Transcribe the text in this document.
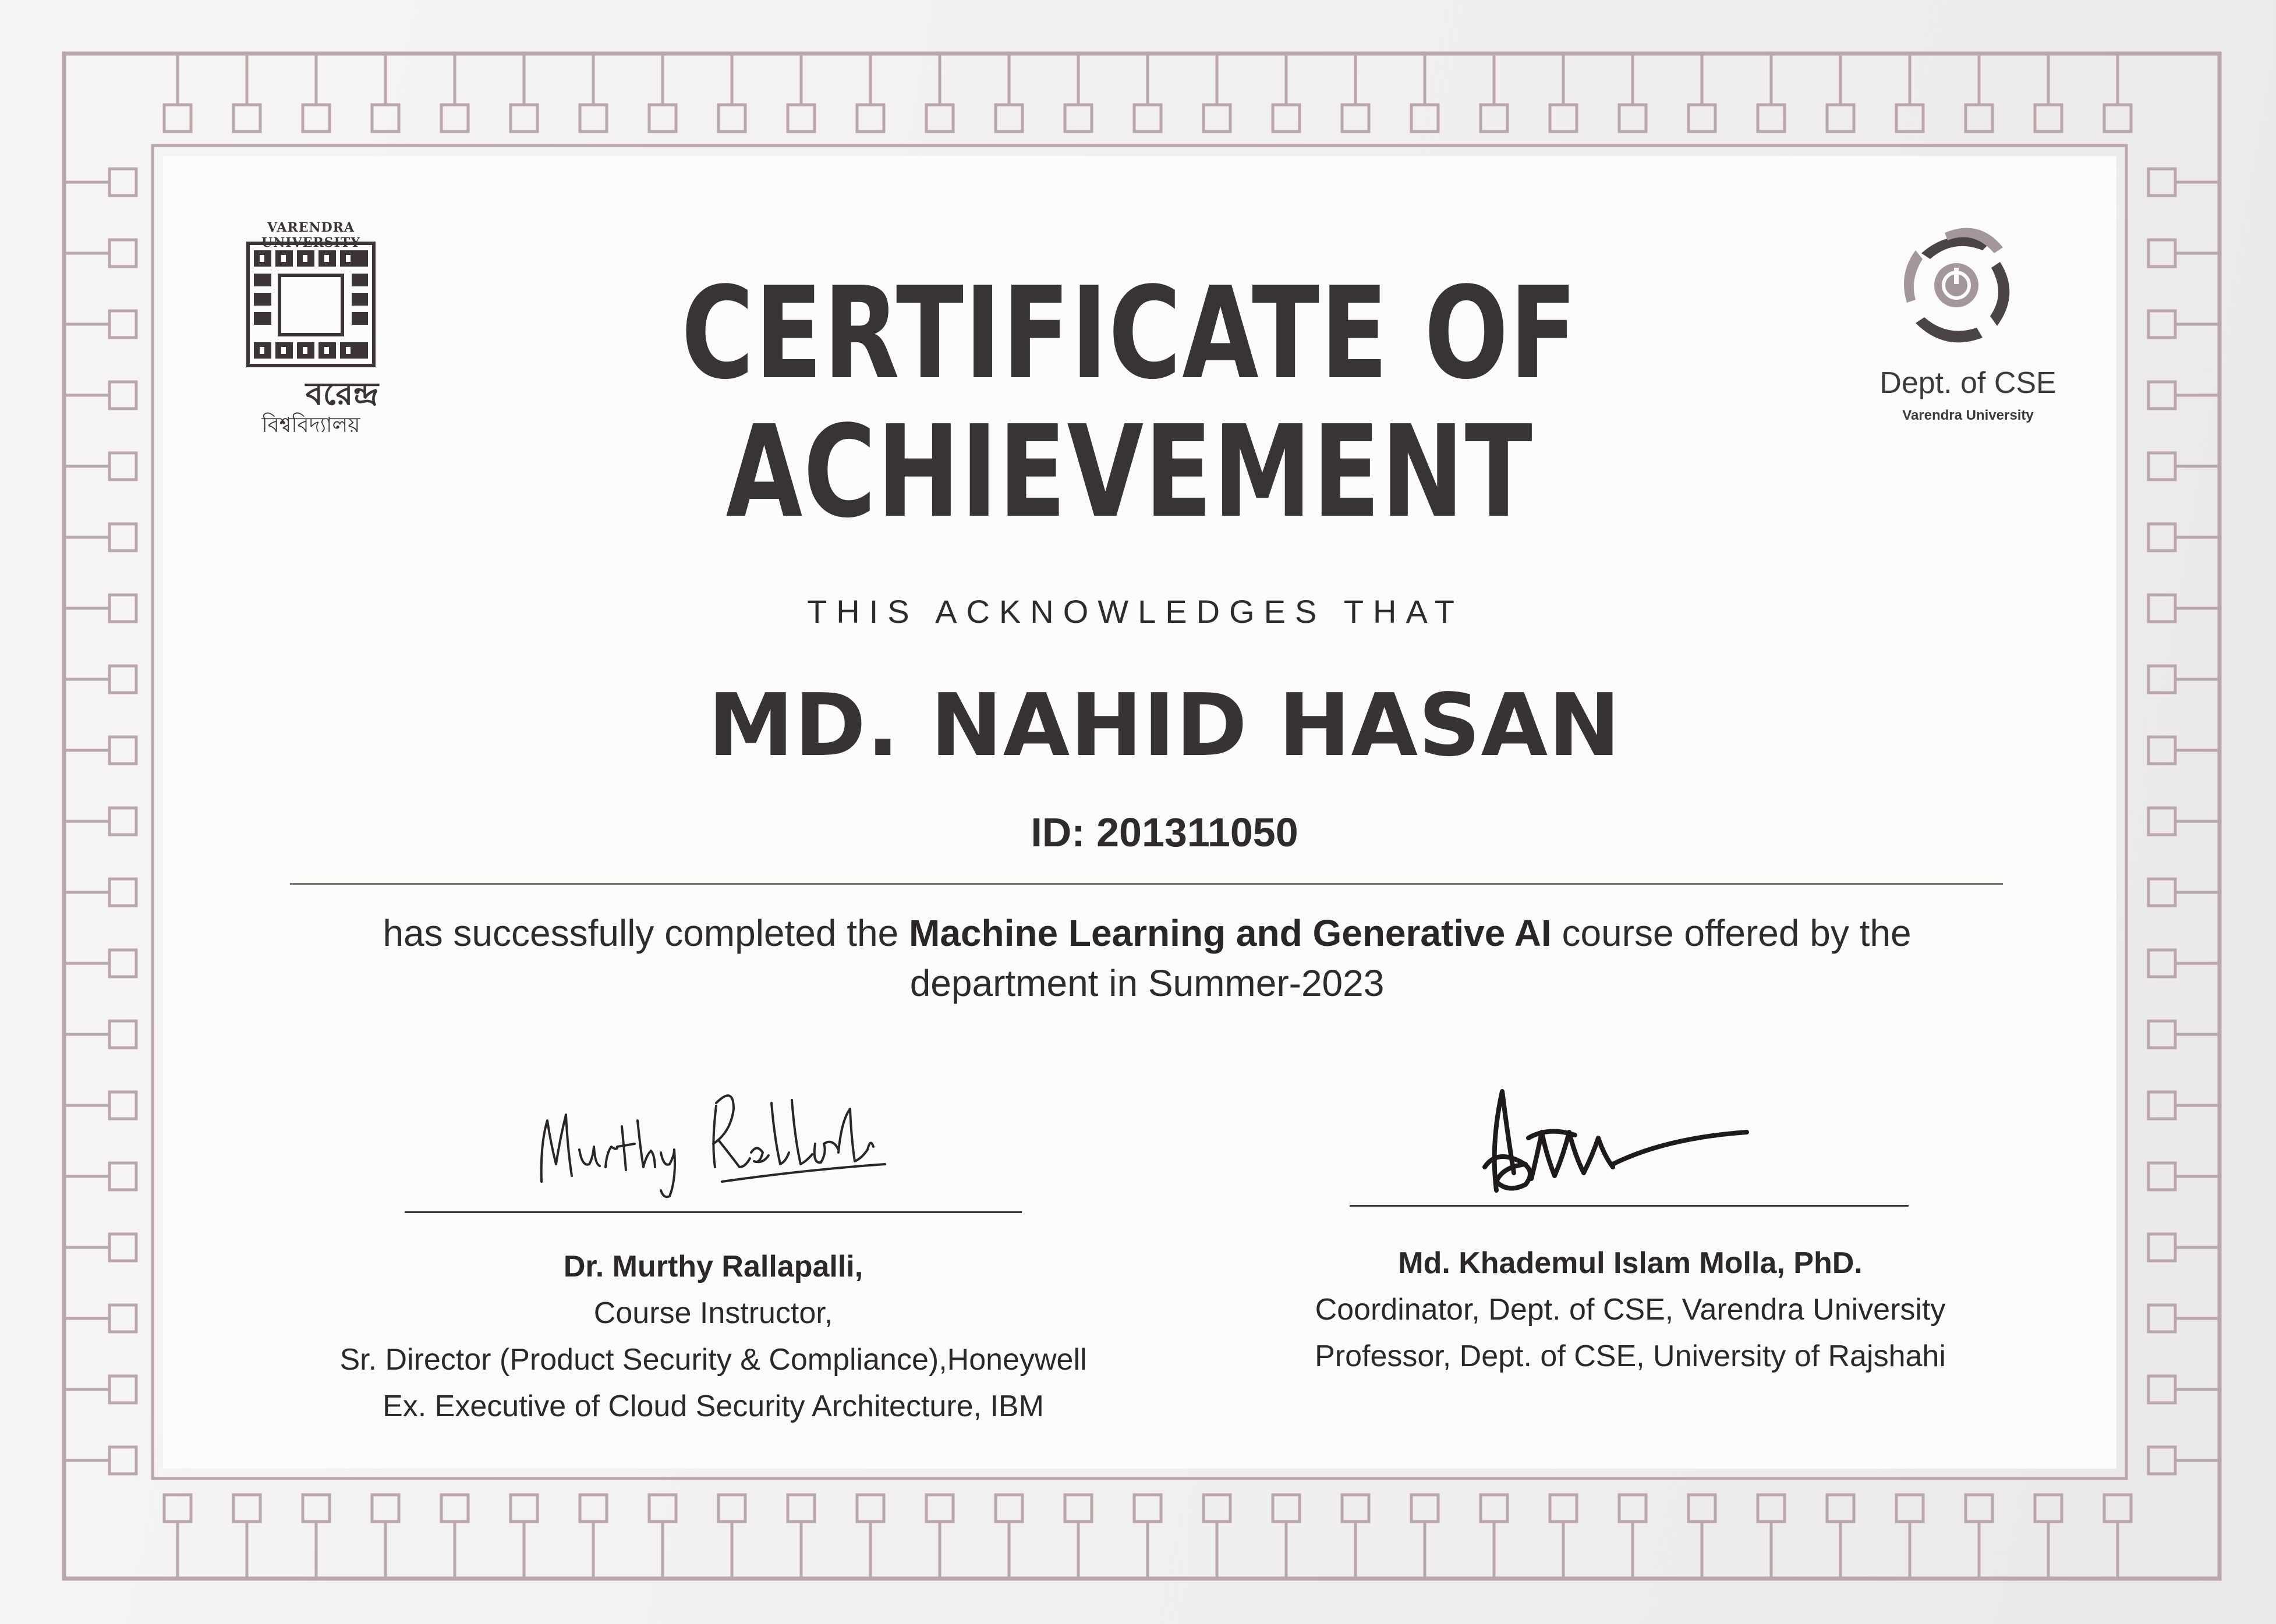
VARENDRA UNIVERSITY
বরেন্দ্র
বিশ্ববিদ্যালয়
Dept. of CSE
Varendra University
CERTIFICATE OF
ACHIEVEMENT
THIS ACKNOWLEDGES THAT
MD. NAHID HASAN
ID: 201311050
has successfully completed the Machine Learning and Generative AI course offered by the
department in Summer-2023
Dr. Murthy Rallapalli,
Course Instructor,
Sr. Director (Product Security & Compliance),Honeywell
Ex. Executive of Cloud Security Architecture, IBM
Md. Khademul Islam Molla, PhD.
Coordinator, Dept. of CSE, Varendra University
Professor, Dept. of CSE, University of Rajshahi
